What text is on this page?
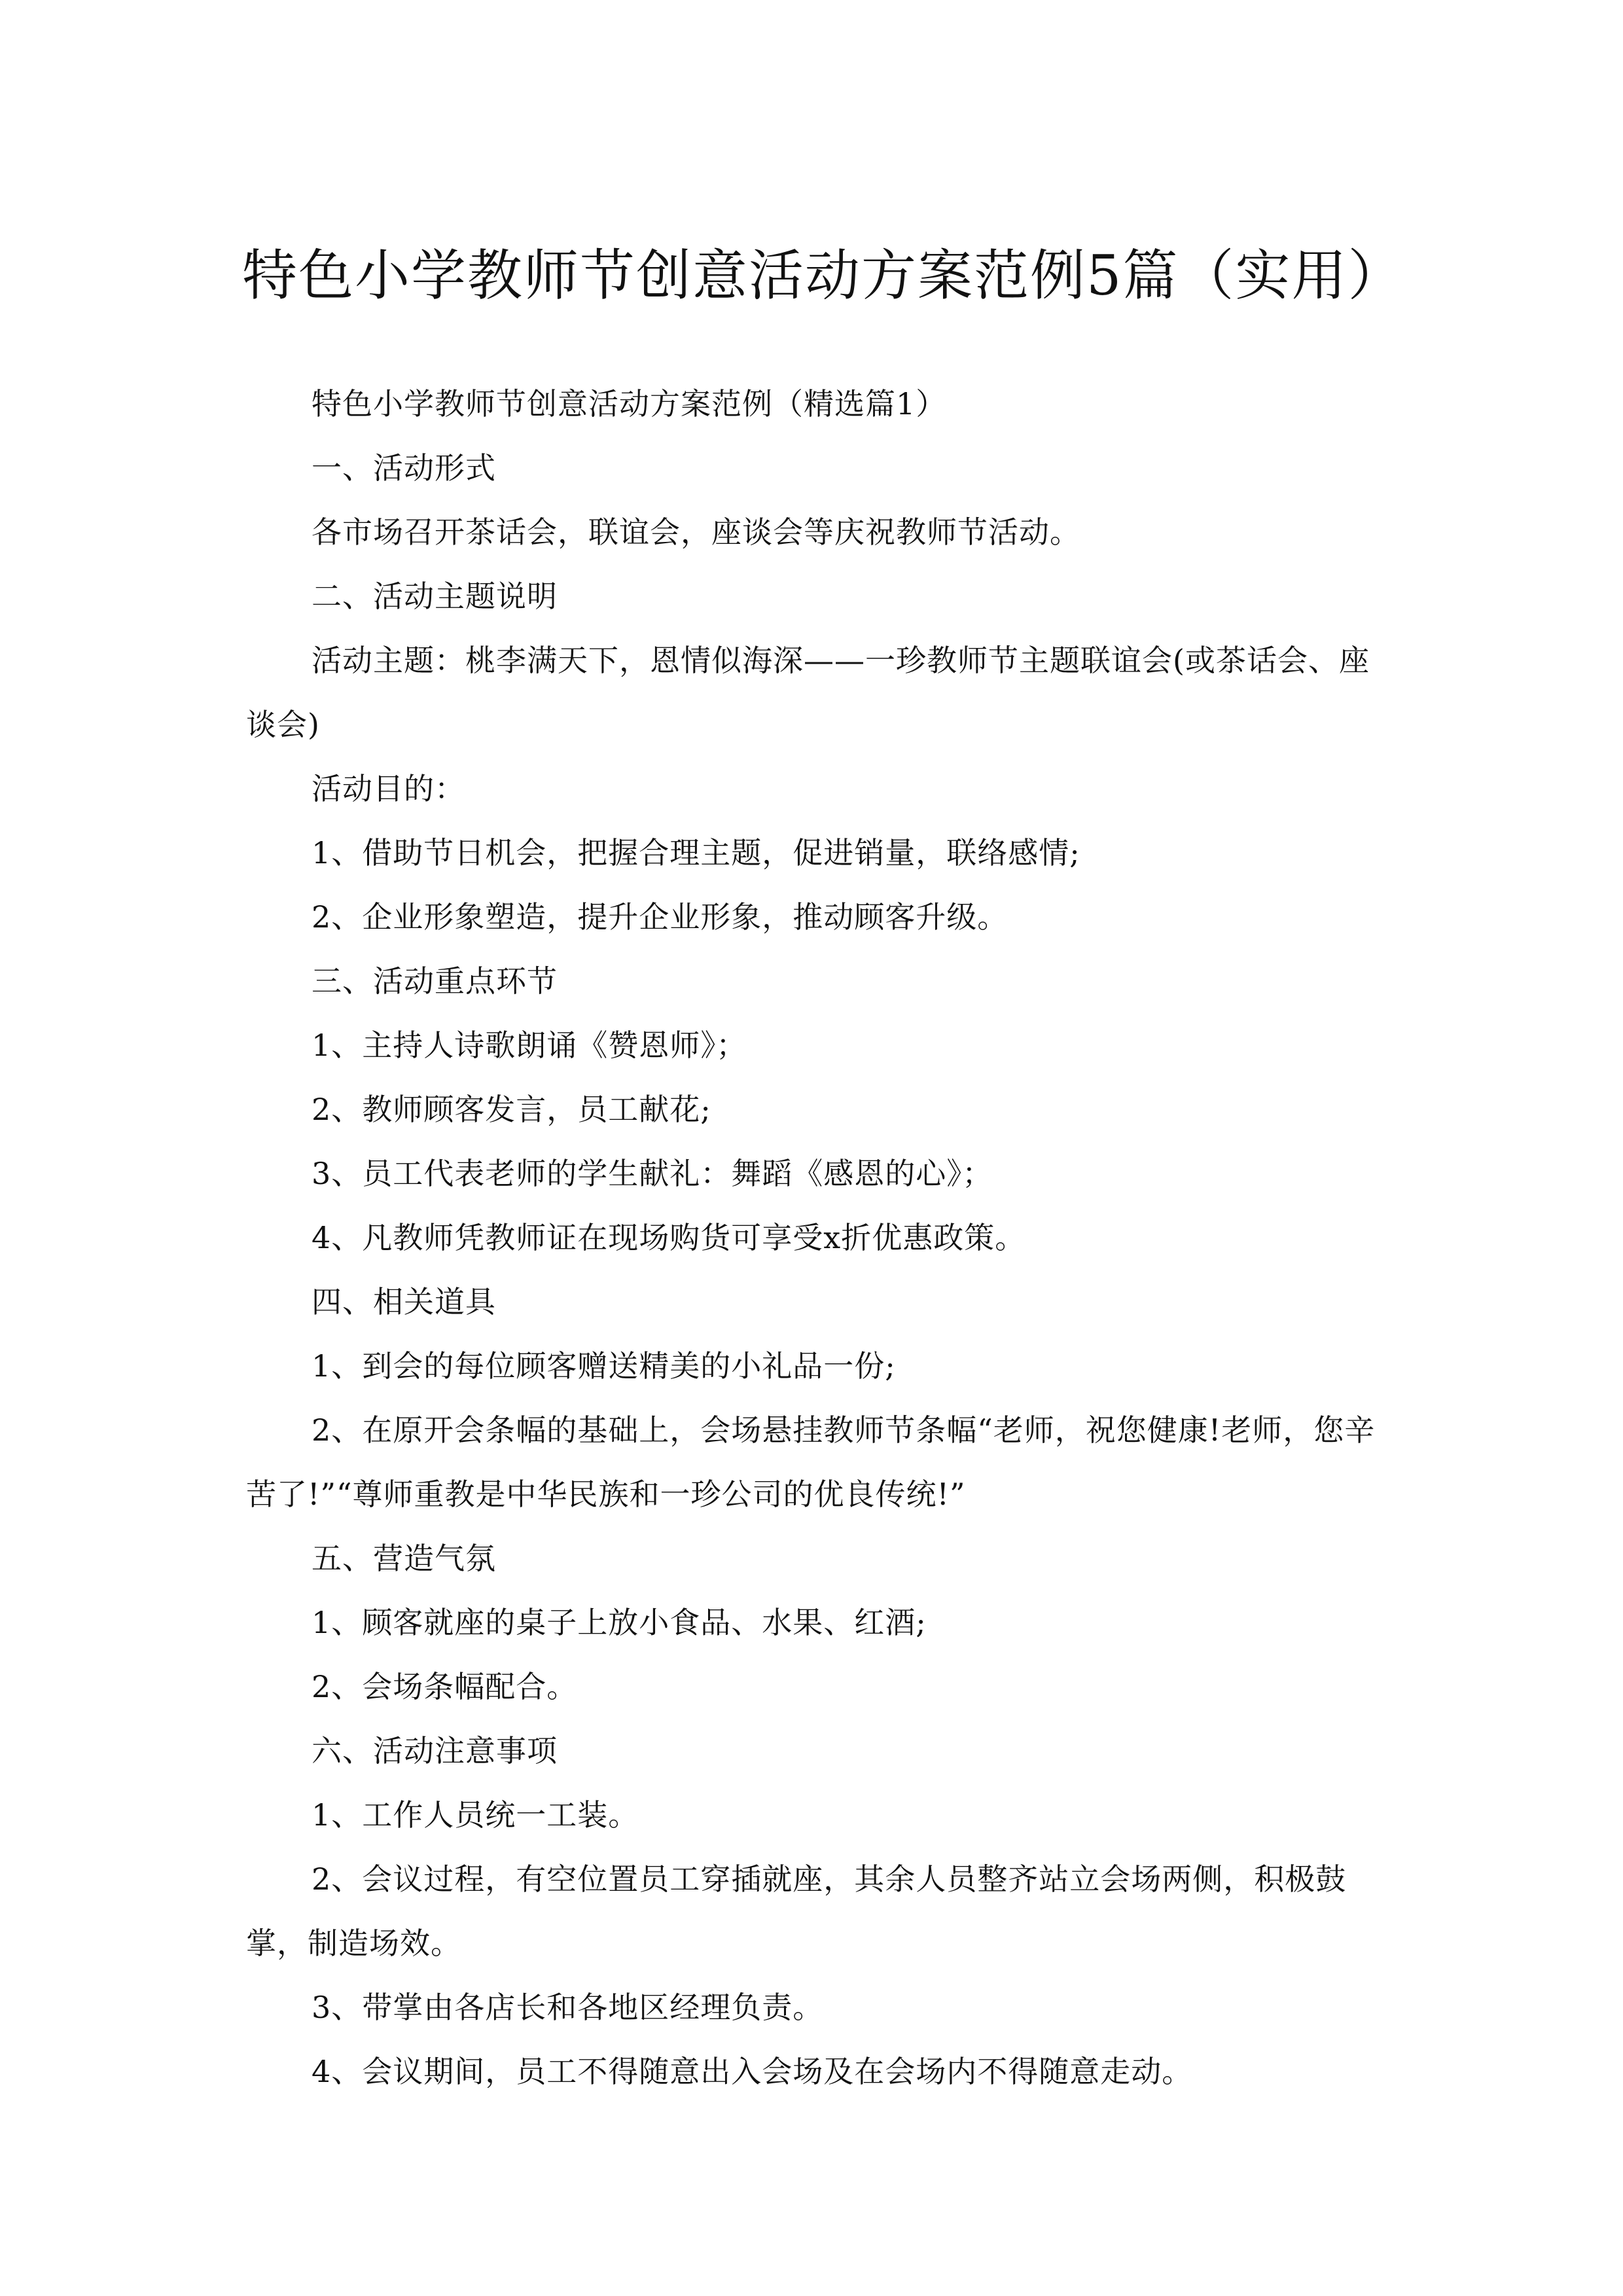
特色小学教师节创意活动方案范例5篇（实用）

特色小学教师节创意活动方案范例（精选篇1）

一、活动形式

各市场召开茶话会，联谊会，座谈会等庆祝教师节活动。

二、活动主题说明

活动主题：桃李满天下，恩情似海深——一珍教师节主题联谊会(或茶话会、座谈会)

活动目的：

1、借助节日机会，把握合理主题，促进销量，联络感情;

2、企业形象塑造，提升企业形象，推动顾客升级。

三、活动重点环节

1、主持人诗歌朗诵《赞恩师》；

2、教师顾客发言，员工献花;

3、员工代表老师的学生献礼：舞蹈《感恩的心》；

4、凡教师凭教师证在现场购货可享受x折优惠政策。

四、相关道具

1、到会的每位顾客赠送精美的小礼品一份;

2、在原开会条幅的基础上，会场悬挂教师节条幅“老师，祝您健康!老师，您辛苦了!”“尊师重教是中华民族和一珍公司的优良传统!”

五、营造气氛

1、顾客就座的桌子上放小食品、水果、红酒;

2、会场条幅配合。

六、活动注意事项

1、工作人员统一工装。

2、会议过程，有空位置员工穿插就座，其余人员整齐站立会场两侧，积极鼓掌，制造场效。

3、带掌由各店长和各地区经理负责。

4、会议期间，员工不得随意出入会场及在会场内不得随意走动。
